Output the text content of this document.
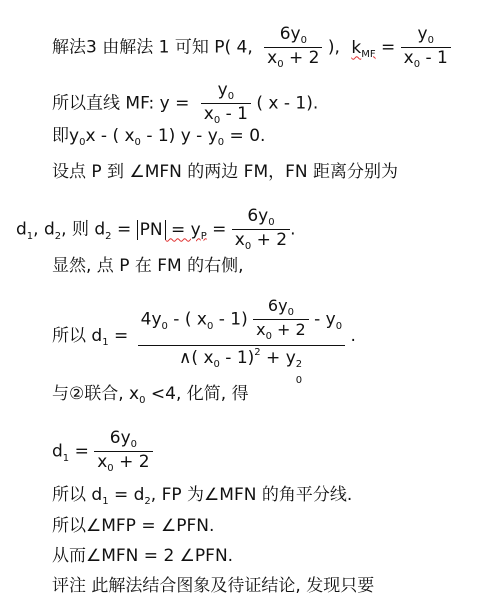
解法3 由解法 1 可知 P( 4, $\frac{6y_0}{x_0 + 2}$ ), $k_{MF} = \frac{y_0}{x_0 - 1}$
所以直线 MF: $y = \frac{y_0}{x_0 - 1}$ ( x - 1).
即$y_0x$ - ( $x_0 - 1$) $y - y_0 = 0$.
设点 P 到 ∠MFN 的两边 FM，FN 距离分别为
$d_1$, $d_2$, 则 $d_2$ = PN = $y_P = \frac{6y_0}{x_0 + 2}$ .
显然, 点 P 在 FM 的右侧,
所以 $d_1$ =
$4y_0$ - ( $x_0 - 1) \frac{6y_0}{x_0 + 2} - y_0$
∧( $x_0 - 1)^2 + y$ 2
0
.
与②联合, $x_0 <4$, 化简, 得
$d_1 = \frac{6y_0}{x_0 + 2}$
所以 $d_1 = d_2$, FP 为∠MFN 的角平分线.
所以∠MFP = ∠PFN.
从而∠MFN = 2 ∠PFN.
评注 此解法结合图象及待证结论, 发现只要
